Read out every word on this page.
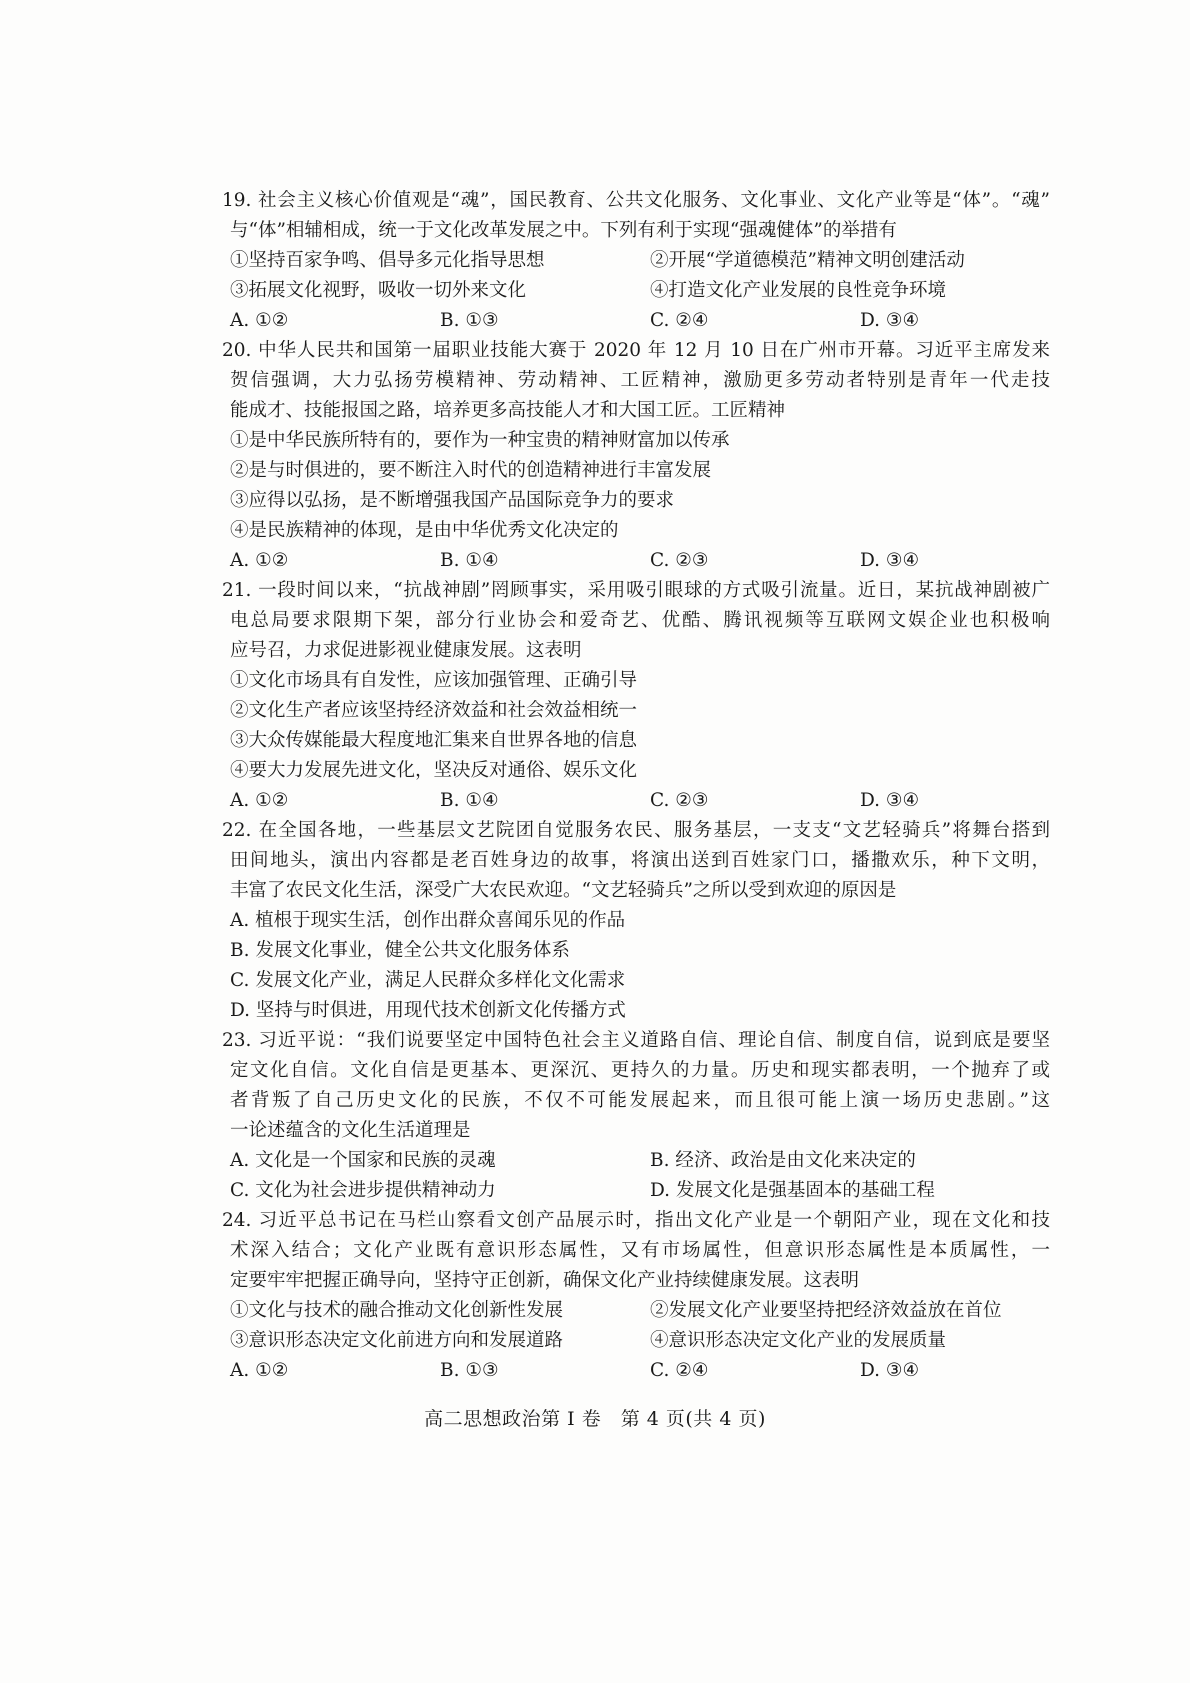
19. 社会主义核心价值观是“魂”，国民教育、公共文化服务、文化事业、文化产业等是“体”。“魂”
与“体”相辅相成，统一于文化改革发展之中。下列有利于实现“强魂健体”的举措有
①坚持百家争鸣、倡导多元化指导思想	②开展“学道德模范”精神文明创建活动
③拓展文化视野，吸收一切外来文化	④打造文化产业发展的良性竞争环境
A. ①②	B. ①③	C. ②④	D. ③④
20. 中华人民共和国第一届职业技能大赛于 2020 年 12 月 10 日在广州市开幕。习近平主席发来
贺信强调，大力弘扬劳模精神、劳动精神、工匠精神，激励更多劳动者特别是青年一代走技
能成才、技能报国之路，培养更多高技能人才和大国工匠。工匠精神
①是中华民族所特有的，要作为一种宝贵的精神财富加以传承
②是与时俱进的，要不断注入时代的创造精神进行丰富发展
③应得以弘扬，是不断增强我国产品国际竞争力的要求
④是民族精神的体现，是由中华优秀文化决定的
A. ①②	B. ①④	C. ②③	D. ③④
21. 一段时间以来，“抗战神剧”罔顾事实，采用吸引眼球的方式吸引流量。近日，某抗战神剧被广
电总局要求限期下架，部分行业协会和爱奇艺、优酷、腾讯视频等互联网文娱企业也积极响
应号召，力求促进影视业健康发展。这表明
①文化市场具有自发性，应该加强管理、正确引导
②文化生产者应该坚持经济效益和社会效益相统一
③大众传媒能最大程度地汇集来自世界各地的信息
④要大力发展先进文化，坚决反对通俗、娱乐文化
A. ①②	B. ①④	C. ②③	D. ③④
22. 在全国各地，一些基层文艺院团自觉服务农民、服务基层，一支支“文艺轻骑兵”将舞台搭到
田间地头，演出内容都是老百姓身边的故事，将演出送到百姓家门口，播撒欢乐，种下文明，
丰富了农民文化生活，深受广大农民欢迎。“文艺轻骑兵”之所以受到欢迎的原因是
A. 植根于现实生活，创作出群众喜闻乐见的作品
B. 发展文化事业，健全公共文化服务体系
C. 发展文化产业，满足人民群众多样化文化需求
D. 坚持与时俱进，用现代技术创新文化传播方式
23. 习近平说：“我们说要坚定中国特色社会主义道路自信、理论自信、制度自信，说到底是要坚
定文化自信。文化自信是更基本、更深沉、更持久的力量。历史和现实都表明，一个抛弃了或
者背叛了自己历史文化的民族，不仅不可能发展起来，而且很可能上演一场历史悲剧。”这
一论述蕴含的文化生活道理是
A. 文化是一个国家和民族的灵魂	B. 经济、政治是由文化来决定的
C. 文化为社会进步提供精神动力	D. 发展文化是强基固本的基础工程
24. 习近平总书记在马栏山察看文创产品展示时，指出文化产业是一个朝阳产业，现在文化和技
术深入结合；文化产业既有意识形态属性，又有市场属性，但意识形态属性是本质属性，一
定要牢牢把握正确导向，坚持守正创新，确保文化产业持续健康发展。这表明
①文化与技术的融合推动文化创新性发展	②发展文化产业要坚持把经济效益放在首位
③意识形态决定文化前进方向和发展道路	④意识形态决定文化产业的发展质量
A. ①②	B. ①③	C. ②④	D. ③④
高二思想政治第 Ⅰ 卷　第 4 页(共 4 页)
